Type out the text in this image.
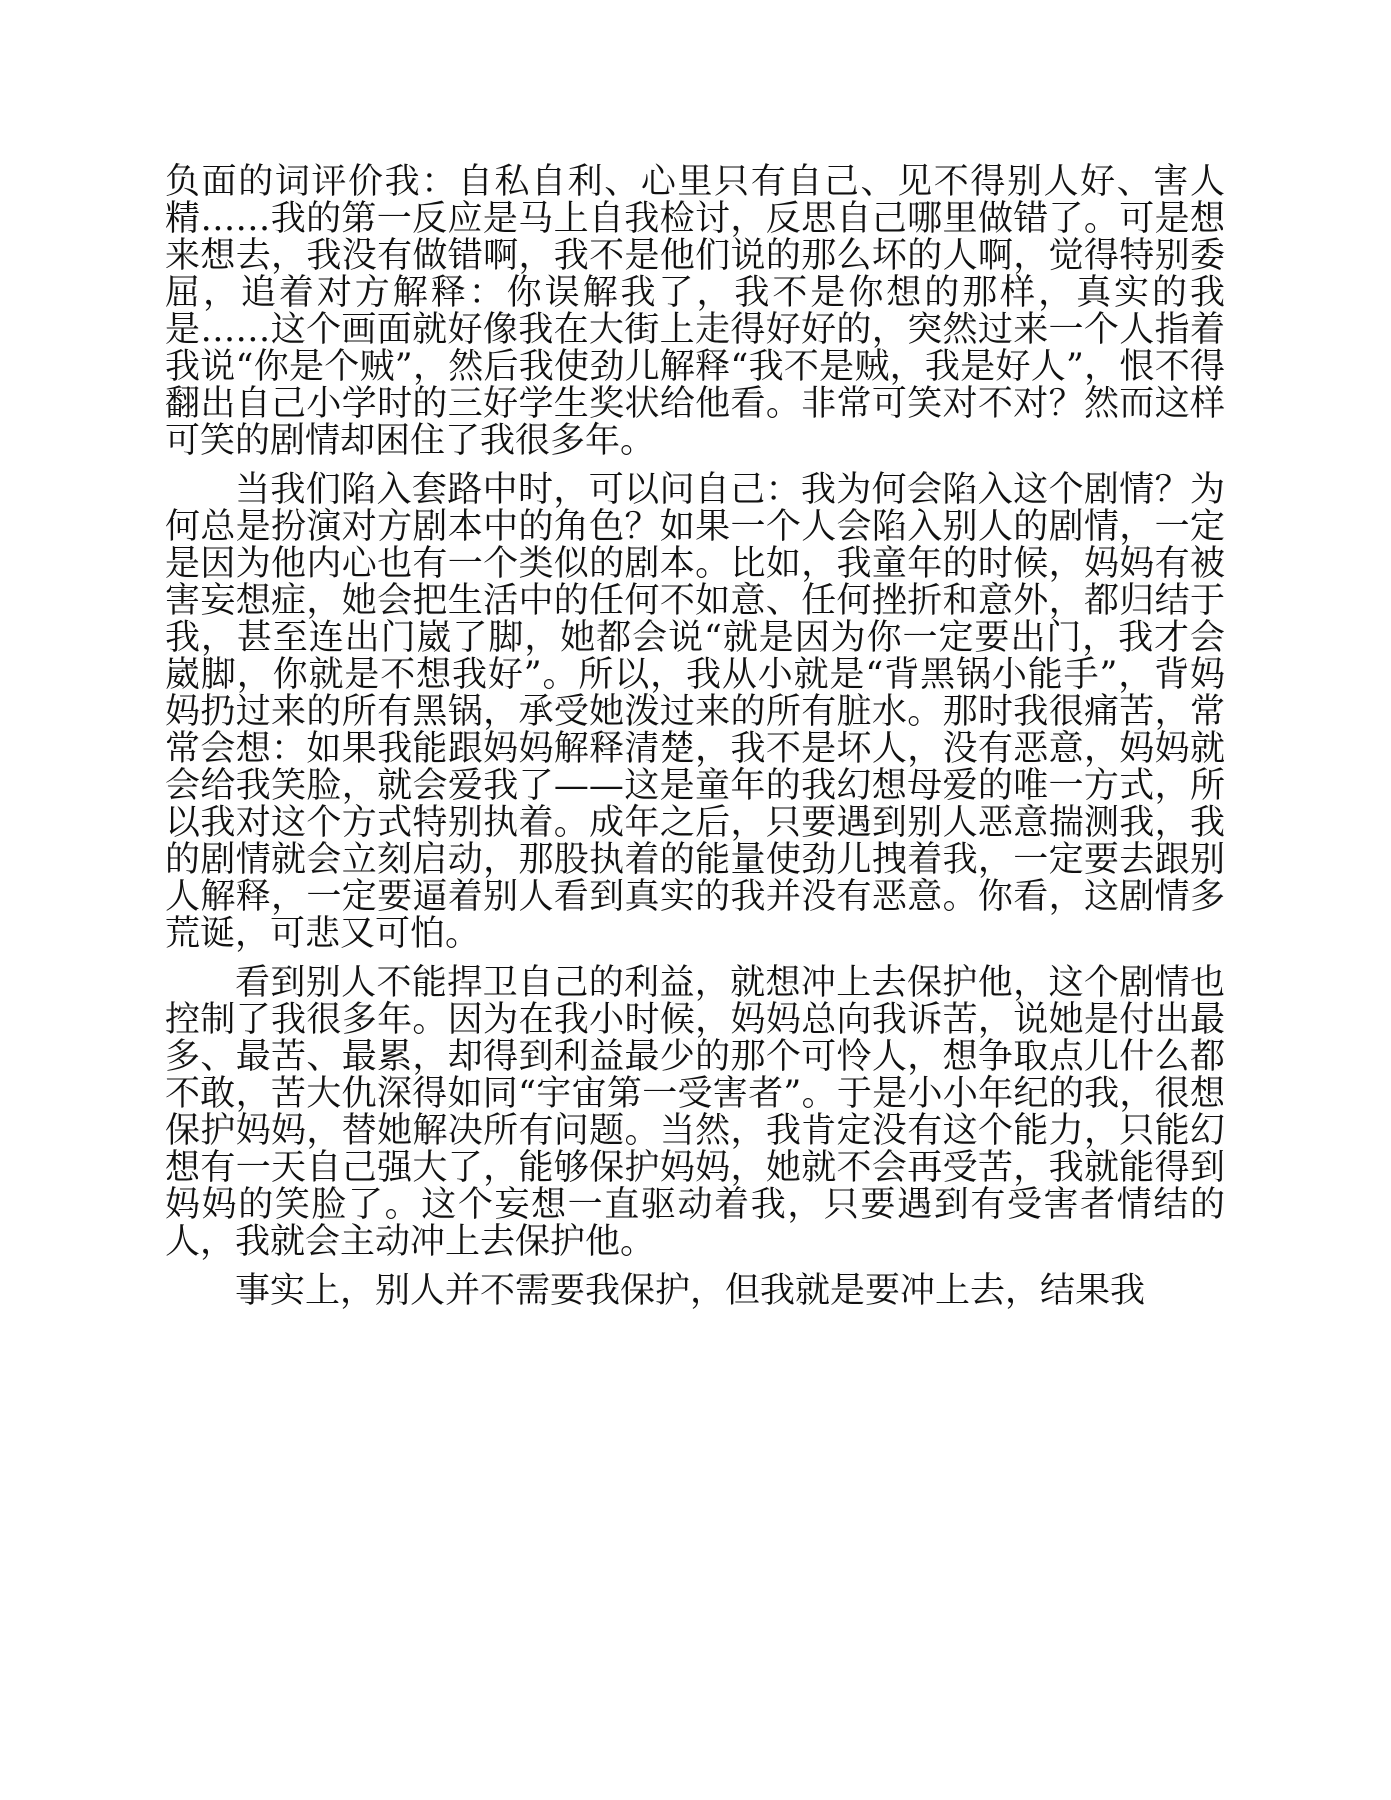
负面的词评价我：自私自利、心里只有自己、见不得别人好、害人精……我的第一反应是马上自我检讨，反思自己哪里做错了。可是想来想去，我没有做错啊，我不是他们说的那么坏的人啊，觉得特别委屈，追着对方解释：你误解我了，我不是你想的那样，真实的我是……这个画面就好像我在大街上走得好好的，突然过来一个人指着我说“你是个贼”，然后我使劲儿解释“我不是贼，我是好人”，恨不得翻出自己小学时的三好学生奖状给他看。非常可笑对不对？然而这样可笑的剧情却困住了我很多年。

当我们陷入套路中时，可以问自己：我为何会陷入这个剧情？为何总是扮演对方剧本中的角色？如果一个人会陷入别人的剧情，一定是因为他内心也有一个类似的剧本。比如，我童年的时候，妈妈有被害妄想症，她会把生活中的任何不如意、任何挫折和意外，都归结于我，甚至连出门崴了脚，她都会说“就是因为你一定要出门，我才会崴脚，你就是不想我好”。所以，我从小就是“背黑锅小能手”，背妈妈扔过来的所有黑锅，承受她泼过来的所有脏水。那时我很痛苦，常常会想：如果我能跟妈妈解释清楚，我不是坏人，没有恶意，妈妈就会给我笑脸，就会爱我了——这是童年的我幻想母爱的唯一方式，所以我对这个方式特别执着。成年之后，只要遇到别人恶意揣测我，我的剧情就会立刻启动，那股执着的能量使劲儿拽着我，一定要去跟别人解释，一定要逼着别人看到真实的我并没有恶意。你看，这剧情多荒诞，可悲又可怕。

看到别人不能捍卫自己的利益，就想冲上去保护他，这个剧情也控制了我很多年。因为在我小时候，妈妈总向我诉苦，说她是付出最多、最苦、最累，却得到利益最少的那个可怜人，想争取点儿什么都不敢，苦大仇深得如同“宇宙第一受害者”。于是小小年纪的我，很想保护妈妈，替她解决所有问题。当然，我肯定没有这个能力，只能幻想有一天自己强大了，能够保护妈妈，她就不会再受苦，我就能得到妈妈的笑脸了。这个妄想一直驱动着我，只要遇到有受害者情结的人，我就会主动冲上去保护他。

事实上，别人并不需要我保护，但我就是要冲上去，结果我
